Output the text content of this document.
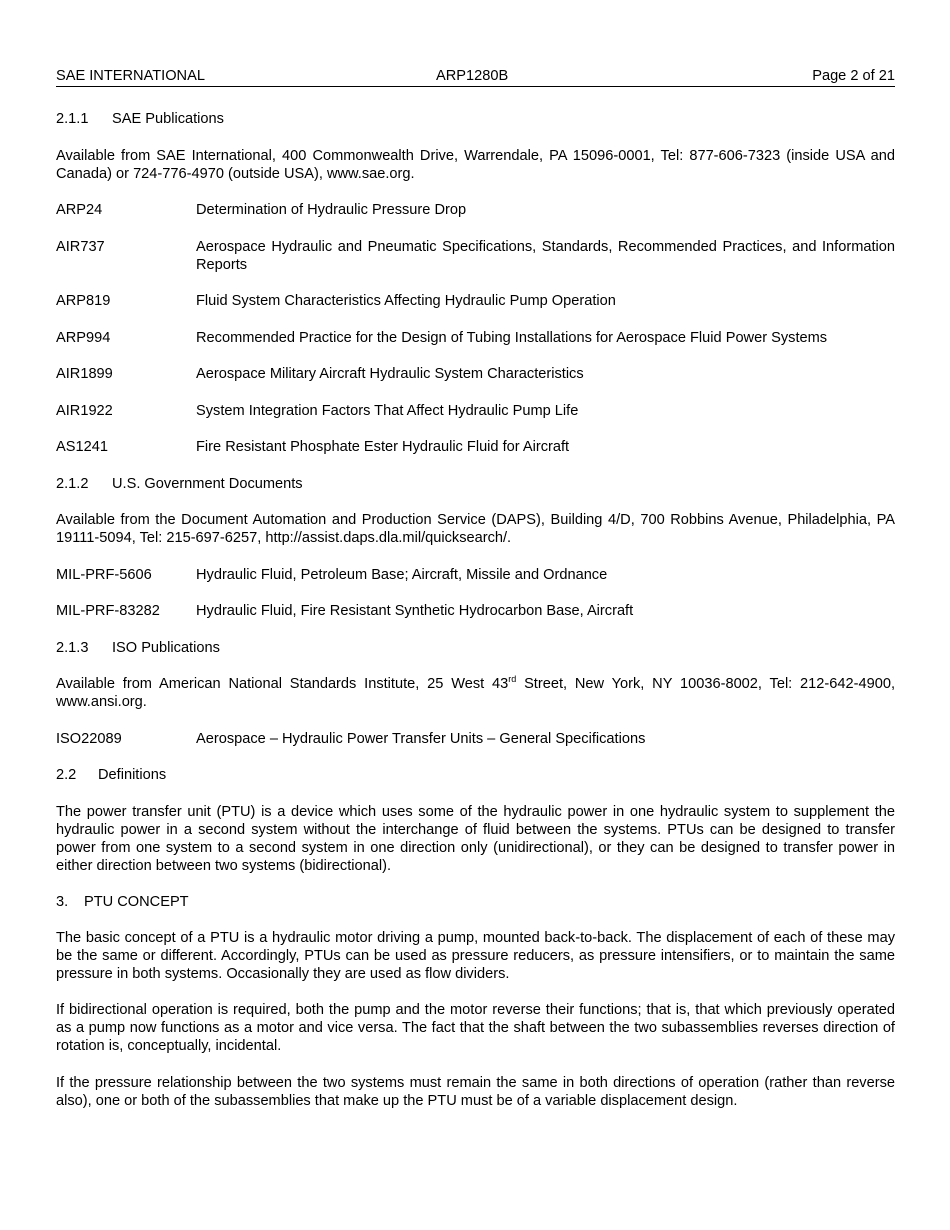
SAE INTERNATIONAL	ARP1280B	Page 2 of 21
2.1.1 SAE Publications
Available from SAE International, 400 Commonwealth Drive, Warrendale, PA 15096-0001, Tel: 877-606-7323 (inside USA and Canada) or 724-776-4970 (outside USA), www.sae.org.
ARP24	Determination of Hydraulic Pressure Drop
AIR737	Aerospace Hydraulic and Pneumatic Specifications, Standards, Recommended Practices, and Information Reports
ARP819	Fluid System Characteristics Affecting Hydraulic Pump Operation
ARP994	Recommended Practice for the Design of Tubing Installations for Aerospace Fluid Power Systems
AIR1899	Aerospace Military Aircraft Hydraulic System Characteristics
AIR1922	System Integration Factors That Affect Hydraulic Pump Life
AS1241	Fire Resistant Phosphate Ester Hydraulic Fluid for Aircraft
2.1.2 U.S. Government Documents
Available from the Document Automation and Production Service (DAPS), Building 4/D, 700 Robbins Avenue, Philadelphia, PA 19111-5094, Tel: 215-697-6257, http://assist.daps.dla.mil/quicksearch/.
MIL-PRF-5606	Hydraulic Fluid, Petroleum Base; Aircraft, Missile and Ordnance
MIL-PRF-83282 Hydraulic Fluid, Fire Resistant Synthetic Hydrocarbon Base, Aircraft
2.1.3 ISO Publications
Available from American National Standards Institute, 25 West 43rd Street, New York, NY 10036-8002, Tel: 212-642-4900, www.ansi.org.
ISO22089	Aerospace – Hydraulic Power Transfer Units – General Specifications
2.2 Definitions
The power transfer unit (PTU) is a device which uses some of the hydraulic power in one hydraulic system to supplement the hydraulic power in a second system without the interchange of fluid between the systems. PTUs can be designed to transfer power from one system to a second system in one direction only (unidirectional), or they can be designed to transfer power in either direction between two systems (bidirectional).
3. PTU CONCEPT
The basic concept of a PTU is a hydraulic motor driving a pump, mounted back-to-back. The displacement of each of these may be the same or different. Accordingly, PTUs can be used as pressure reducers, as pressure intensifiers, or to maintain the same pressure in both systems. Occasionally they are used as flow dividers.
If bidirectional operation is required, both the pump and the motor reverse their functions; that is, that which previously operated as a pump now functions as a motor and vice versa. The fact that the shaft between the two subassemblies reverses direction of rotation is, conceptually, incidental.
If the pressure relationship between the two systems must remain the same in both directions of operation (rather than reverse also), one or both of the subassemblies that make up the PTU must be of a variable displacement design.
